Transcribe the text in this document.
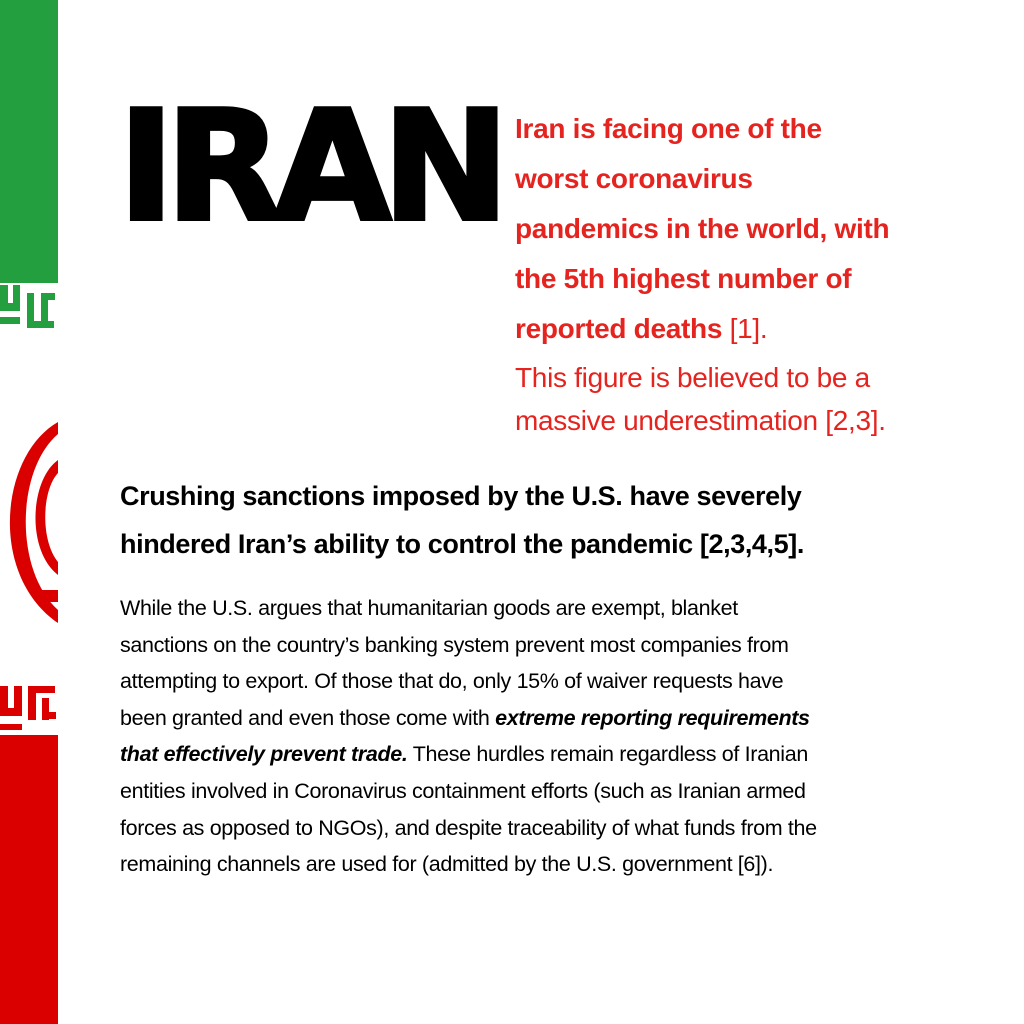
IRAN Iran is facing one of the
worst coronavirus
pandemics in the world, with
the 5th highest number of
reported deaths [1].

This figure is believed to be a
massive underestimation [2,3].

Crushing sanctions imposed by the U.S. have severely
hindered Iran’s ability to control the pandemic [2,3,4,5].

While the U.S. argues that humanitarian goods are exempt, blanket
sanctions on the country’s banking system prevent most companies from
attempting to export. Of those that do, only 15% of waiver requests have
been granted and even those come with extreme reporting requirements
that effectively prevent trade. These hurdles remain regardless of Iranian
entities involved in Coronavirus containment efforts (such as Iranian armed
forces as opposed to NGOs), and despite traceability of what funds from the
remaining channels are used for (admitted by the U.S. government [6]).
